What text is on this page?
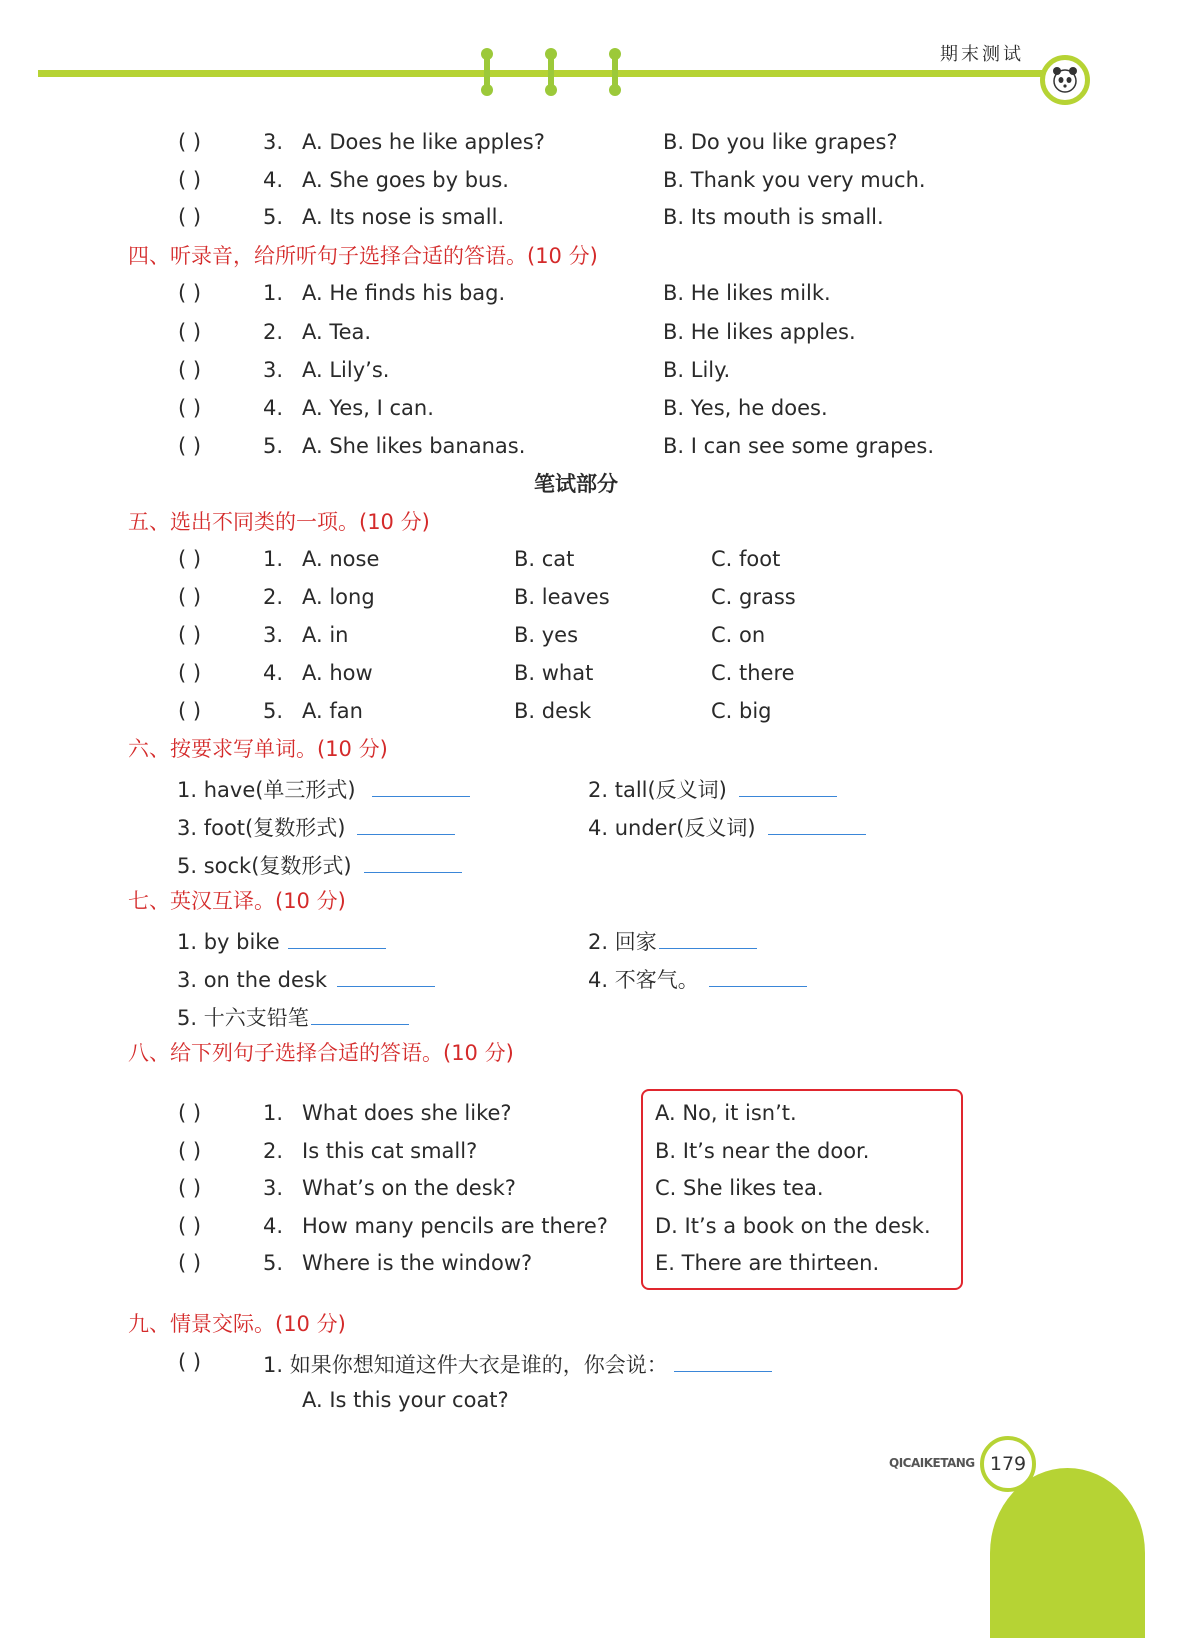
期末测试
( )	3. A. Does he like apples?	B. Do you like grapes?
( )	4. A. She goes by bus.	B. Thank you very much.
( )	5. A. Its nose is small.	B. Its mouth is small.
四、听录音，给所听句子选择合适的答语。(10 分)
( )	1. A. He finds his bag.	B. He likes milk.
( )	2. A. Tea.	B. He likes apples.
( )	3. A. Lily’s.	B. Lily.
( )	4. A. Yes, I can.	B. Yes, he does.
( )	5. A. She likes bananas.	B. I can see some grapes.
笔试部分
五、选出不同类的一项。(10 分)
( )	1. A. nose	B. cat	C. foot
( )	2. A. long	B. leaves	C. grass
( )	3. A. in	B. yes	C. on
( )	4. A. how	B. what	C. there
( )	5. A. fan	B. desk	C. big
六、按要求写单词。(10 分)
1. have(单三形式)	2. tall(反义词)
3. foot(复数形式)	4. under(反义词)
5. sock(复数形式)
七、英汉互译。(10 分)
1. by bike	2. 回家
3. on the desk	4. 不客气。
5. 十六支铅笔
八、给下列句子选择合适的答语。(10 分)
( )	1. What does she like?
( )	2. Is this cat small?
( )	3. What’s on the desk?
( )	4. How many pencils are there?
( )	5. Where is the window?
A. No, it isn’t.
B. It’s near the door.
C. She likes tea.
D. It’s a book on the desk.
E. There are thirteen.
九、情景交际。(10 分)
( )	1. 如果你想知道这件大衣是谁的，你会说：
A. Is this your coat?
QICAIKETANG 179
